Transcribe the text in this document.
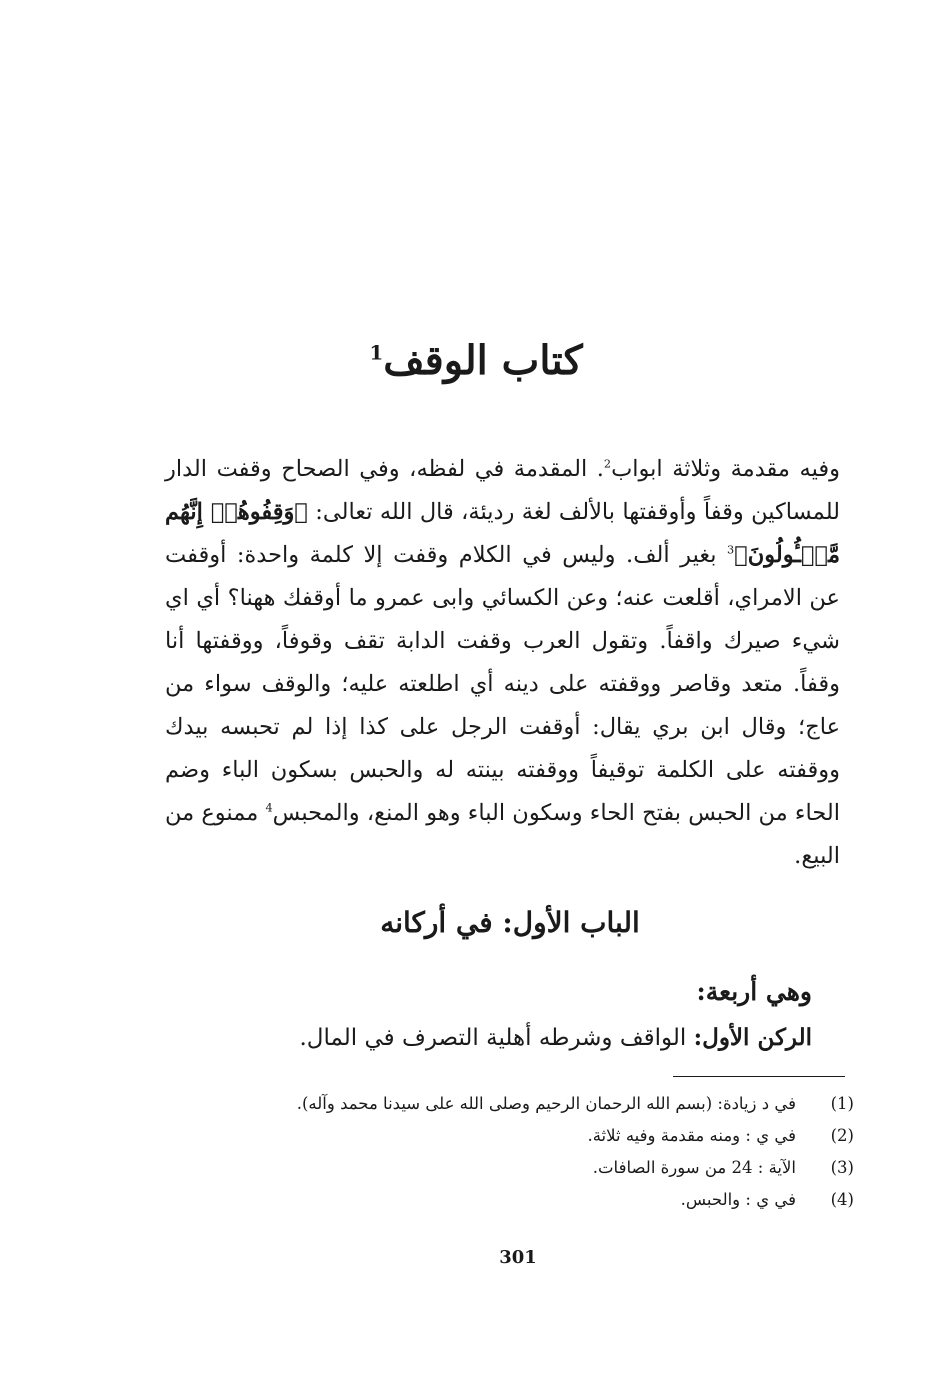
كتاب الوقف$^1$

وفيه مقدمة وثلاثة ابواب$^2$. المقدمة في لفظه، وفي الصحاح وقفت الدار للمساكين وقفاً وأوقفتها بالألف لغة رديئة، قال الله تعالى: ﴿وَقِفُوهُمۡ إِنَّهُم مَّسۡـُٔولُونَ﴾$^3$ بغير ألف. وليس في الكلام وقفت إلا كلمة واحدة: أوقفت عن الامراي، أقلعت عنه؛ وعن الكسائي وابى عمرو ما أوقفك ههنا؟ أي اي شيء صيرك واقفاً. وتقول العرب وقفت الدابة تقف وقوفاً، ووقفتها أنا وقفاً. متعد وقاصر ووقفته على دينه أي اطلعته عليه؛ والوقف سواء من عاج؛ وقال ابن بري يقال: أوقفت الرجل على كذا إذا لم تحبسه بيدك ووقفته على الكلمة توقيفاً ووقفته بينته له والحبس بسكون الباء وضم الحاء من الحبس بفتح الحاء وسكون الباء وهو المنع، والمحبس$^4$ ممنوع من البيع.

الباب الأول: في أركانه
وهي أربعة:
الركن الأول: الواقف وشرطه أهلية التصرف في المال.
(1)
في د زيادة: (بسم الله الرحمان الرحيم وصلى الله على سيدنا محمد وآله).
(2)
في ي : ومنه مقدمة وفيه ثلاثة.
(3)
الآية : 24 من سورة الصافات.
(4)
في ي : والحبس.
301
